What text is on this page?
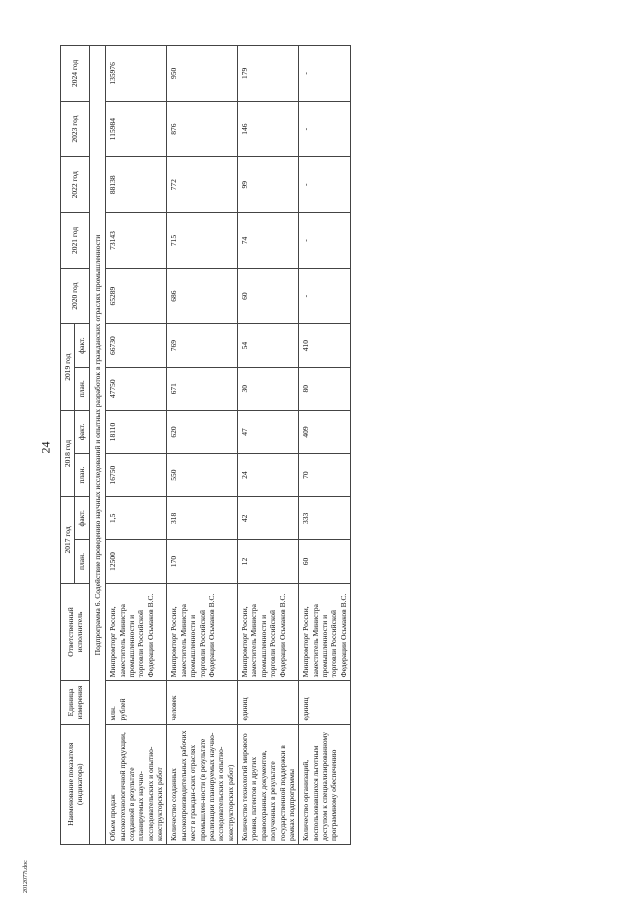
24
2012077i.doc
Наименование показателя (индикатора)	Единица измерения	Ответственный исполнитель	2017 год		2018 год		2019 год		2020 год	2021 год	2022 год	2023 год	2024 год
			план.	факт.	план.	факт.	план.	факт.					
Подпрограмма 6. Содействие проведению научных исследований и опытных разработок в гражданских отраслях промышленности													
Объем продаж высокотехнологичной продукции, созданной в результате планируемых научно-исследовательских и опытно-конструкторских работ	млн. рублей	Минпромторг России, заместитель Министра промышленности и торговли Российской Федерации Осьмаков В.С.	12500	1,5	16750	18110	47750	66730	65289	73143	88138	115984	135976
Количество созданных высокопроизводительных рабочих мест в граждан-ских отраслях промышлен-ности (в результате реализации планируемых научно-исследовательских и опытно-конструкторских работ)	человек	Минпромторг России, заместитель Министра промышленности и торговли Российской Федерации Осьмаков В.С.	170	318	550	620	671	769	686	715	772	876	950
Количество технологий мирового уровня, патентов и других правоохранных документов, полученных в результате государственной поддержки в рамках подпрограммы	единиц	Минпромторг России, заместитель Министра промышленности и торговли Российской Федерации Осьмаков В.С.	12	42	24	47	30	54	60	74	99	146	179
Количество организаций, воспользовавшихся льготным доступом к специализированному программному обеспечению	единиц	Минпромторг России, заместитель Министра промышленности и торговли Российской Федерации Осьмаков В.С.	60	333	70	409	80	410	-	-	-	-	-
